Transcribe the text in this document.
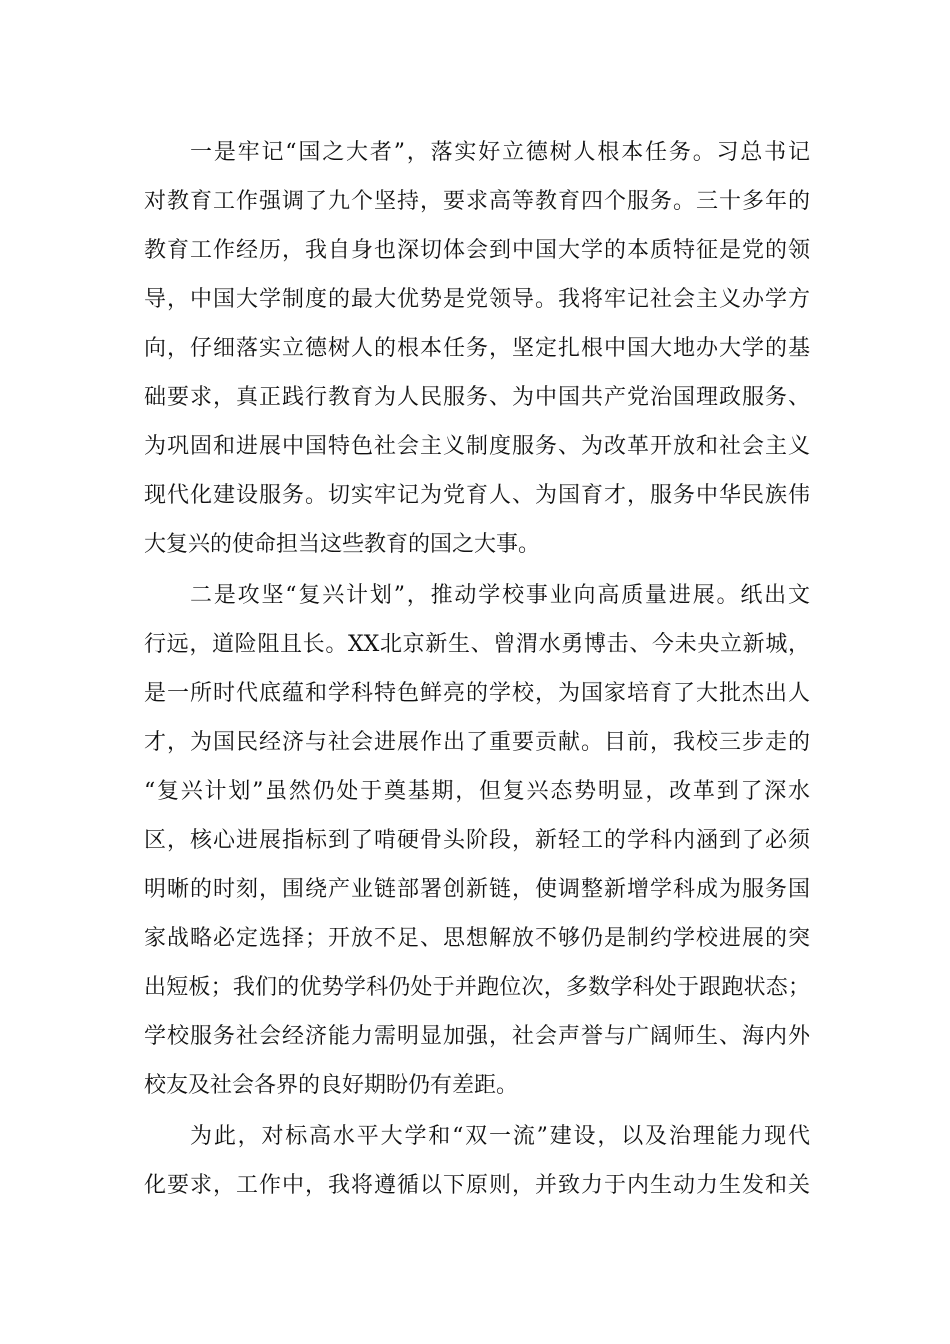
一是牢记“国之大者”，落实好立德树人根本任务。习总书记
对教育工作强调了九个坚持，要求高等教育四个服务。三十多年的
教育工作经历，我自身也深切体会到中国大学的本质特征是党的领
导，中国大学制度的最大优势是党领导。我将牢记社会主义办学方
向，仔细落实立德树人的根本任务，坚定扎根中国大地办大学的基
础要求，真正践行教育为人民服务、为中国共产党治国理政服务、
为巩固和进展中国特色社会主义制度服务、为改革开放和社会主义
现代化建设服务。切实牢记为党育人、为国育才，服务中华民族伟
大复兴的使命担当这些教育的国之大事。
二是攻坚“复兴计划”，推动学校事业向高质量进展。纸出文
行远，道险阻且长。XX北京新生、曾渭水勇博击、今未央立新城，
是一所时代底蕴和学科特色鲜亮的学校，为国家培育了大批杰出人
才，为国民经济与社会进展作出了重要贡献。目前，我校三步走的
“复兴计划”虽然仍处于奠基期，但复兴态势明显，改革到了深水
区，核心进展指标到了啃硬骨头阶段，新轻工的学科内涵到了必须
明晰的时刻，围绕产业链部署创新链，使调整新增学科成为服务国
家战略必定选择；开放不足、思想解放不够仍是制约学校进展的突
出短板；我们的优势学科仍处于并跑位次，多数学科处于跟跑状态；
学校服务社会经济能力需明显加强，社会声誉与广阔师生、海内外
校友及社会各界的良好期盼仍有差距。
为此，对标高水平大学和“双一流”建设，以及治理能力现代
化要求，工作中，我将遵循以下原则，并致力于内生动力生发和关
